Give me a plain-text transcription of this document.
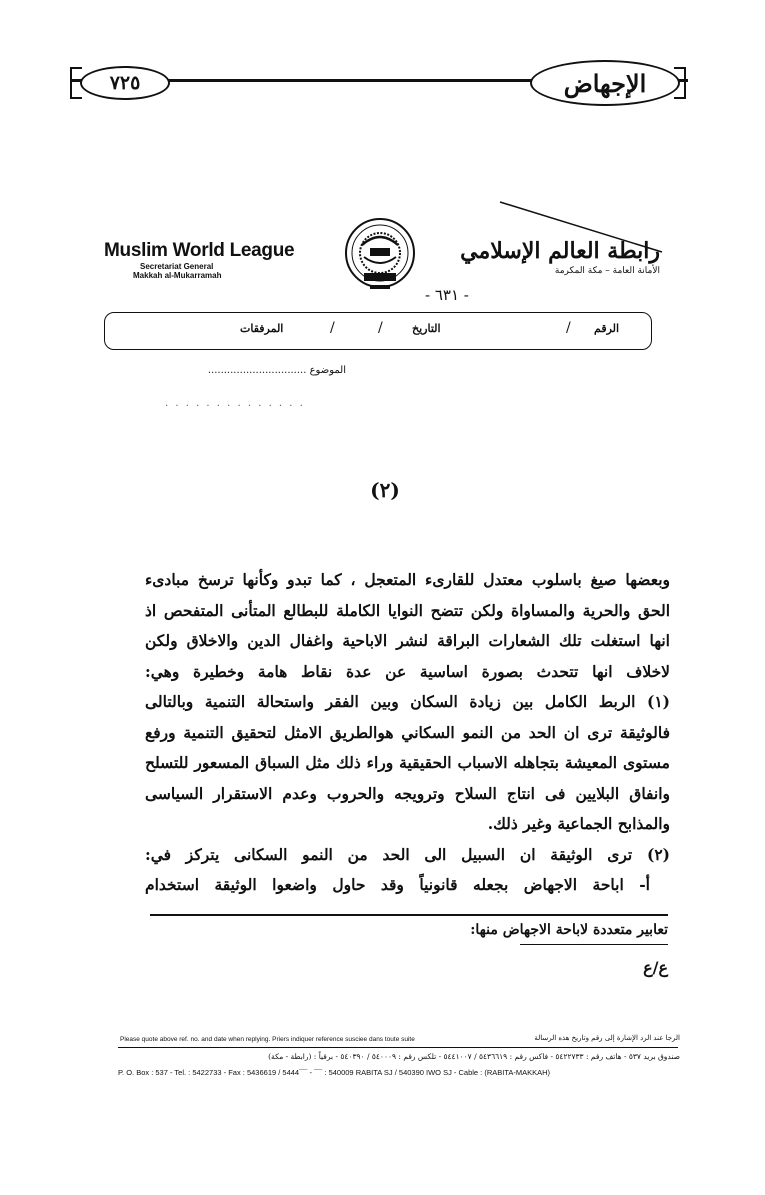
٧٢٥	الإجهاض
Muslim World League
Secretariat General
Makkah al-Mukarramah
رابطة العالم الإسلامي
الأمانة العامة – مكة المكرمة
- ٦٣١ -
الرقم
/
التاريخ
/
/
المرفقات
الموضوع ...............................
. . . . . . . . . . . . . .
(٢)

وبعضها صيغ باسلوب معتدل للقارىء المتعجل ، كما تبدو وكأنها ترسخ مبادىء

الحق والحرية والمساواة ولكن تتضح النوايا الكاملة للبطالع المتأنى المتفحص اذ

انها استغلت تلك الشعارات البراقة لنشر الاباحية واغفال الدين والاخلاق ولكن

لاخلاف انها تتحدث بصورة اساسية عن عدة نقاط هامة وخطيرة وهي:

(١) الربط الكامل بين زيادة السكان وبين الفقر واستحالة التنمية وبالتالى

فالوثيقة ترى ان الحد من النمو السكاني هوالطريق الامثل لتحقيق التنمية ورفع

مستوى المعيشة بتجاهله الاسباب الحقيقية وراء ذلك مثل السباق المسعور للتسلح

وانفاق البلايين فى انتاج السلاح وترويجه والحروب وعدم الاستقرار السياسى

والمذابح الجماعية وغير ذلك.

(٢) ترى الوثيقة ان السبيل الى الحد من النمو السكانى يتركز في:

أ- اباحة الاجهاض بجعله قانونياً وقد حاول واضعوا الوثيقة استخدام

تعابير متعددة لاباحة الاجهاض منها:
ع/ع
Please quote above ref. no. and date when replying. Priers indiquer reference susciee dans toute suite	الرجا عند الرد الإشارة إلى رقم وتاريخ هذه الرسالة
صندوق بريد ٥٣٧ - هاتف رقم : ٥٤٢٢٧٣٣ - فاكس رقم : ٥٤٣٦٦١٩ / ٥٤٤١٠٠٧ - تلكس رقم : ٥٤٠٠٠٩ / ٥٤٠٣٩٠ - برقياً : (رابطة - مكة)
P. O. Box : 537 - Tel. : 5422733 - Fax : 5436619 / 5444¯¯ - ¯¯ : 540009 RABITA SJ / 540390 IWO SJ - Cable : (RABITA-MAKKAH)
